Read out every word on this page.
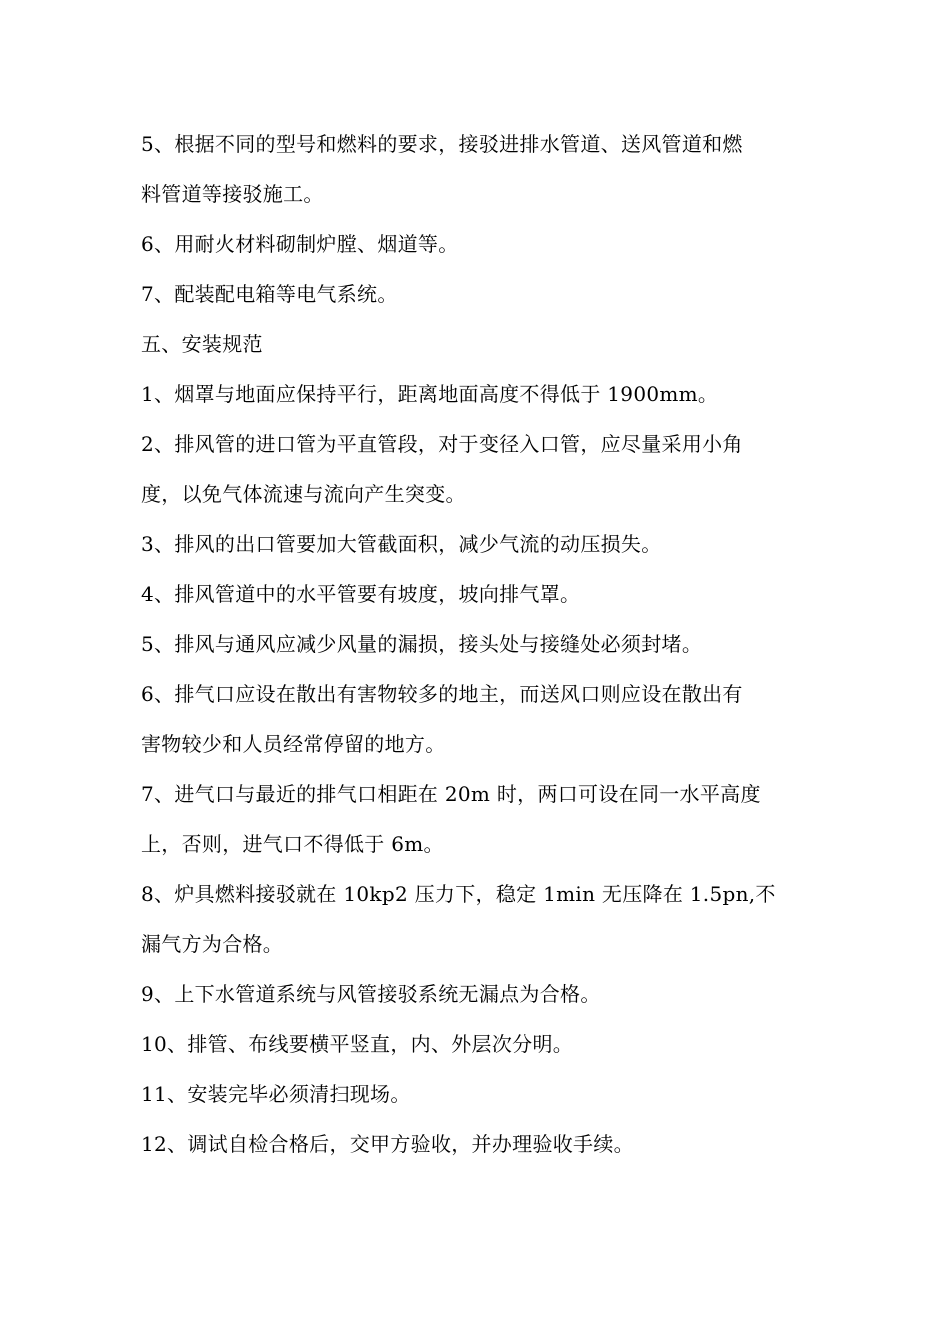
5、根据不同的型号和燃料的要求，接驳进排水管道、送风管道和燃
料管道等接驳施工。
6、用耐火材料砌制炉膛、烟道等。
7、配装配电箱等电气系统。
五、安装规范
1、烟罩与地面应保持平行，距离地面高度不得低于 1900mm。
2、排风管的进口管为平直管段，对于变径入口管，应尽量采用小角
度，以免气体流速与流向产生突变。
3、排风的出口管要加大管截面积，减少气流的动压损失。
4、排风管道中的水平管要有坡度，坡向排气罩。
5、排风与通风应减少风量的漏损，接头处与接缝处必须封堵。
6、排气口应设在散出有害物较多的地主，而送风口则应设在散出有
害物较少和人员经常停留的地方。
7、进气口与最近的排气口相距在 20m 时，两口可设在同一水平高度
上，否则，进气口不得低于 6m。
8、炉具燃料接驳就在 10kp2 压力下，稳定 1min 无压降在 1.5pn,不
漏气方为合格。
9、上下水管道系统与风管接驳系统无漏点为合格。
10、排管、布线要横平竖直，内、外层次分明。
11、安装完毕必须清扫现场。
12、调试自检合格后，交甲方验收，并办理验收手续。
